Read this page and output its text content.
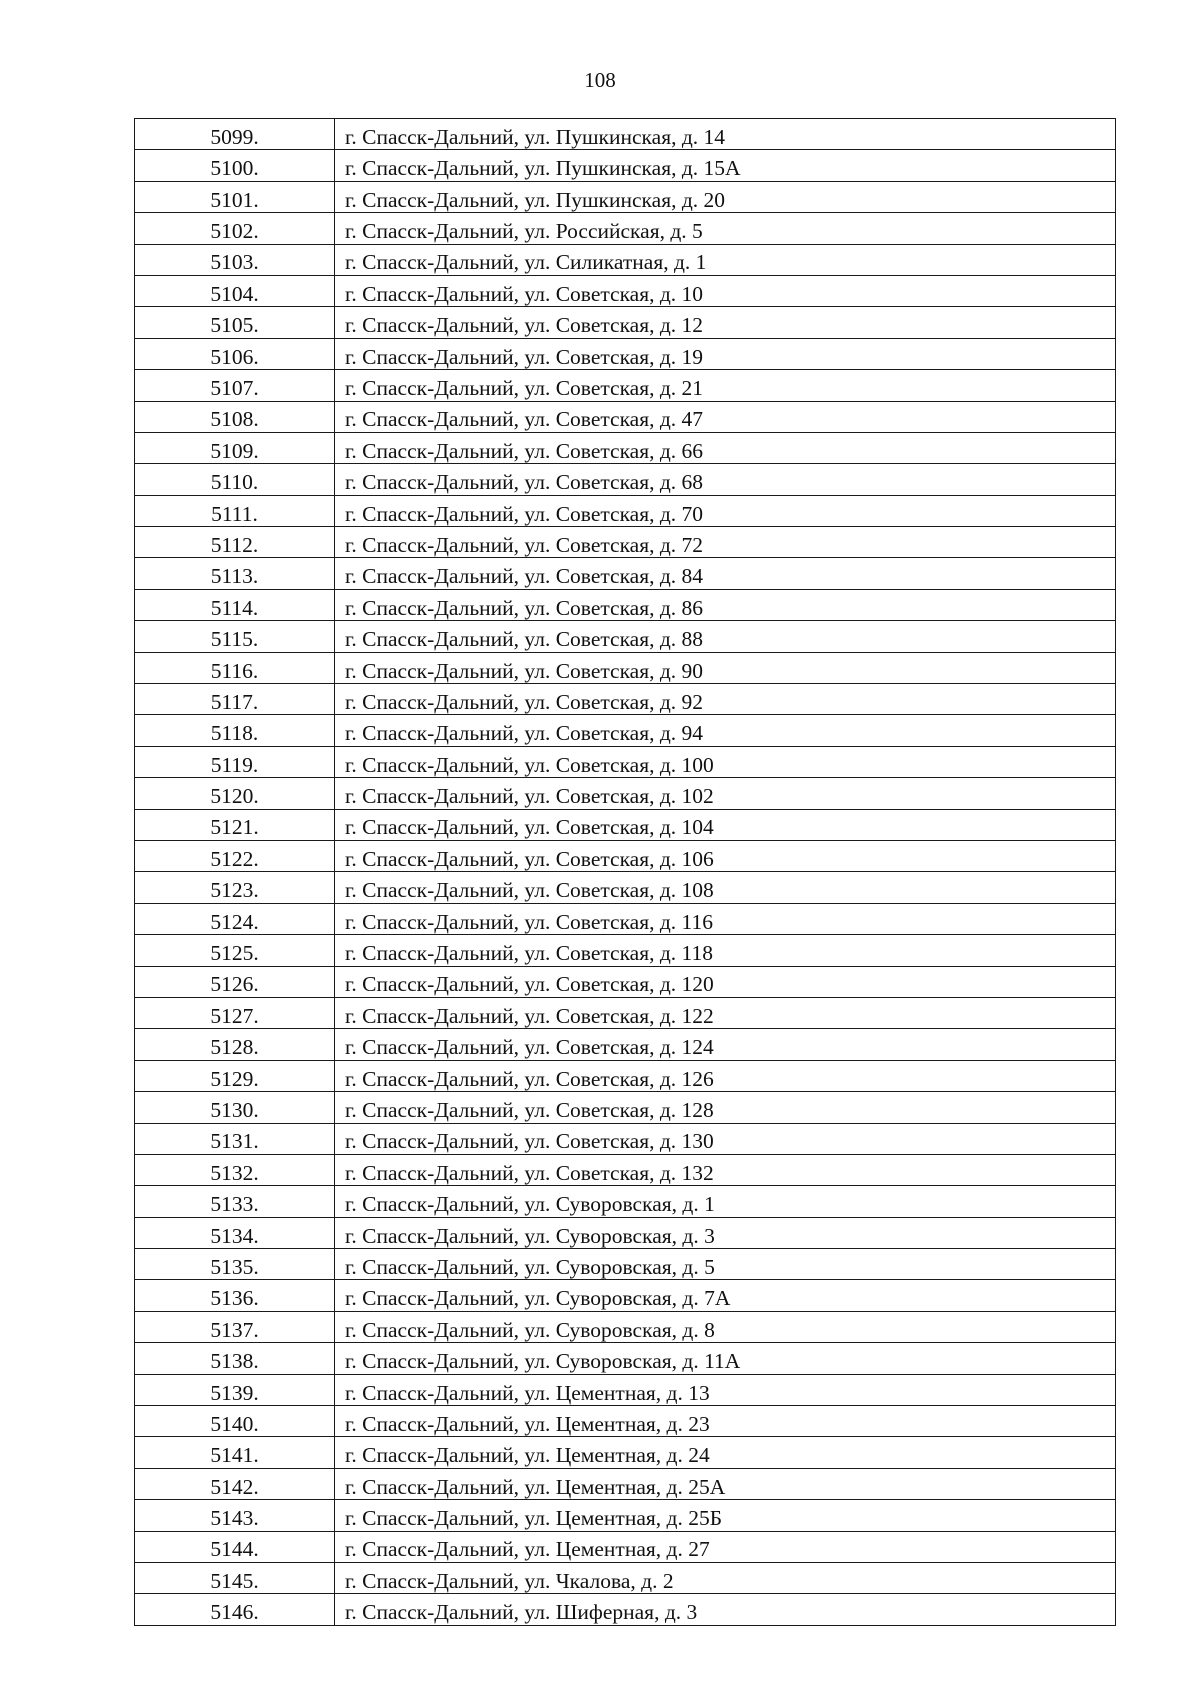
108
5099.	г. Спасск-Дальний, ул. Пушкинская, д. 14
5100.	г. Спасск-Дальний, ул. Пушкинская, д. 15А
5101.	г. Спасск-Дальний, ул. Пушкинская, д. 20
5102.	г. Спасск-Дальний, ул. Российская, д. 5
5103.	г. Спасск-Дальний, ул. Силикатная, д. 1
5104.	г. Спасск-Дальний, ул. Советская, д. 10
5105.	г. Спасск-Дальний, ул. Советская, д. 12
5106.	г. Спасск-Дальний, ул. Советская, д. 19
5107.	г. Спасск-Дальний, ул. Советская, д. 21
5108.	г. Спасск-Дальний, ул. Советская, д. 47
5109.	г. Спасск-Дальний, ул. Советская, д. 66
5110.	г. Спасск-Дальний, ул. Советская, д. 68
5111.	г. Спасск-Дальний, ул. Советская, д. 70
5112.	г. Спасск-Дальний, ул. Советская, д. 72
5113.	г. Спасск-Дальний, ул. Советская, д. 84
5114.	г. Спасск-Дальний, ул. Советская, д. 86
5115.	г. Спасск-Дальний, ул. Советская, д. 88
5116.	г. Спасск-Дальний, ул. Советская, д. 90
5117.	г. Спасск-Дальний, ул. Советская, д. 92
5118.	г. Спасск-Дальний, ул. Советская, д. 94
5119.	г. Спасск-Дальний, ул. Советская, д. 100
5120.	г. Спасск-Дальний, ул. Советская, д. 102
5121.	г. Спасск-Дальний, ул. Советская, д. 104
5122.	г. Спасск-Дальний, ул. Советская, д. 106
5123.	г. Спасск-Дальний, ул. Советская, д. 108
5124.	г. Спасск-Дальний, ул. Советская, д. 116
5125.	г. Спасск-Дальний, ул. Советская, д. 118
5126.	г. Спасск-Дальний, ул. Советская, д. 120
5127.	г. Спасск-Дальний, ул. Советская, д. 122
5128.	г. Спасск-Дальний, ул. Советская, д. 124
5129.	г. Спасск-Дальний, ул. Советская, д. 126
5130.	г. Спасск-Дальний, ул. Советская, д. 128
5131.	г. Спасск-Дальний, ул. Советская, д. 130
5132.	г. Спасск-Дальний, ул. Советская, д. 132
5133.	г. Спасск-Дальний, ул. Суворовская, д. 1
5134.	г. Спасск-Дальний, ул. Суворовская, д. 3
5135.	г. Спасск-Дальний, ул. Суворовская, д. 5
5136.	г. Спасск-Дальний, ул. Суворовская, д. 7А
5137.	г. Спасск-Дальний, ул. Суворовская, д. 8
5138.	г. Спасск-Дальний, ул. Суворовская, д. 11А
5139.	г. Спасск-Дальний, ул. Цементная, д. 13
5140.	г. Спасск-Дальний, ул. Цементная, д. 23
5141.	г. Спасск-Дальний, ул. Цементная, д. 24
5142.	г. Спасск-Дальний, ул. Цементная, д. 25А
5143.	г. Спасск-Дальний, ул. Цементная, д. 25Б
5144.	г. Спасск-Дальний, ул. Цементная, д. 27
5145.	г. Спасск-Дальний, ул. Чкалова, д. 2
5146.	г. Спасск-Дальний, ул. Шиферная, д. 3
